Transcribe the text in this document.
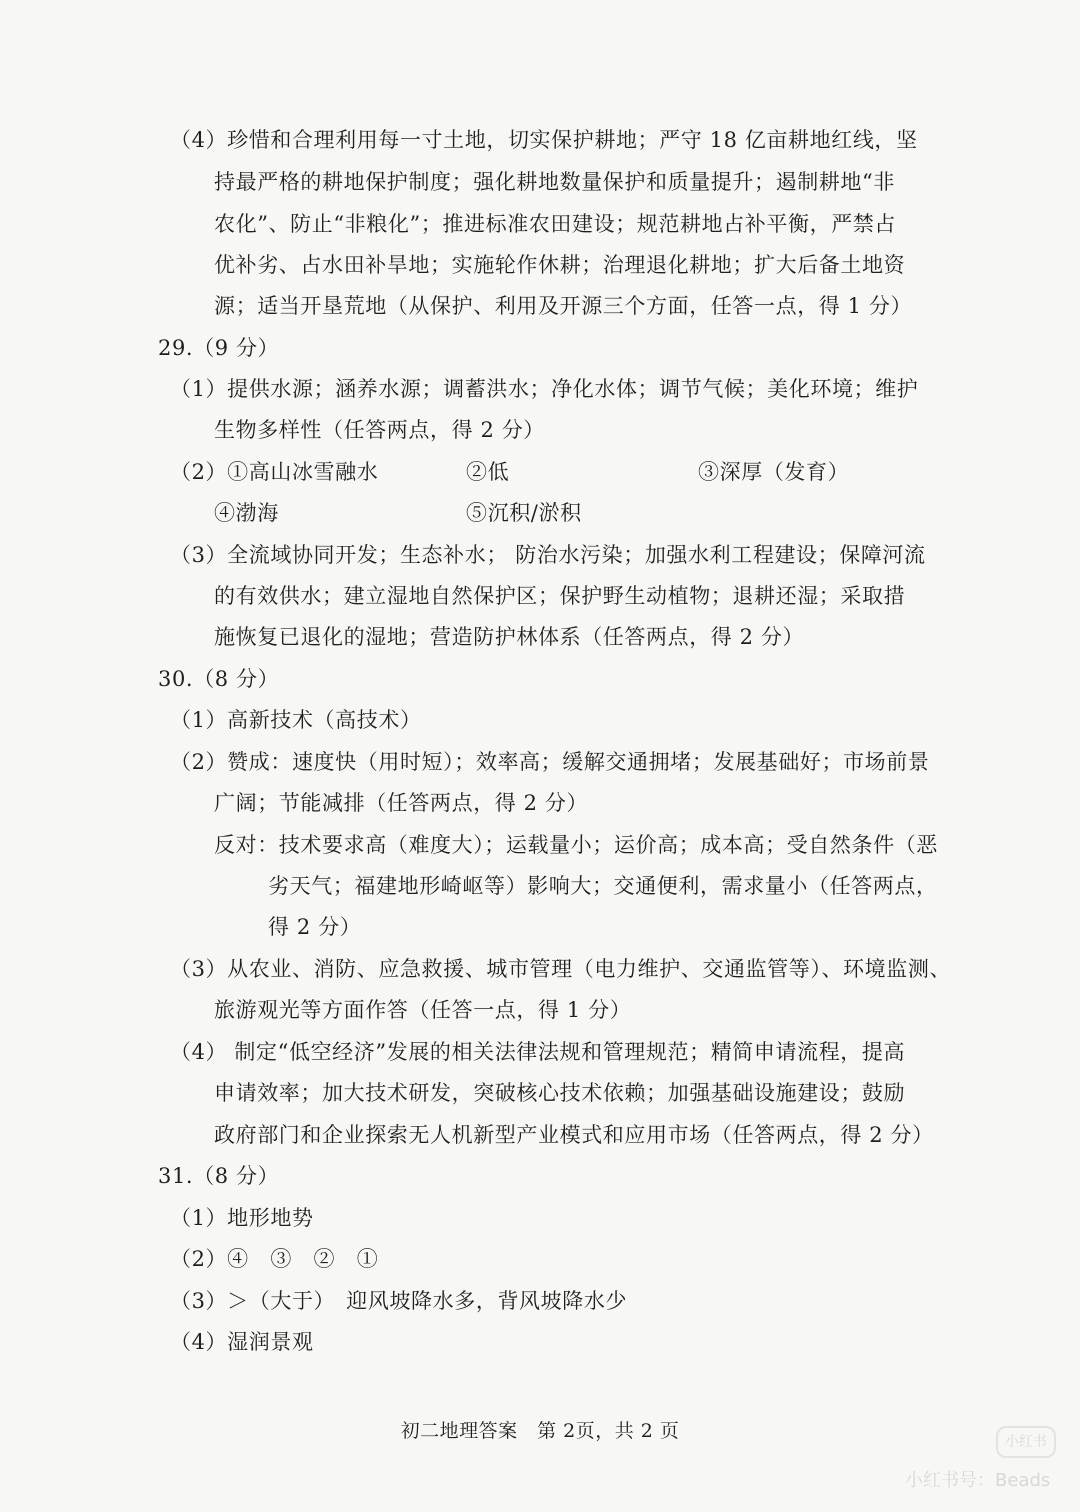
（4）珍惜和合理利用每一寸土地，切实保护耕地；严守 18 亿亩耕地红线，坚
持最严格的耕地保护制度；强化耕地数量保护和质量提升；遏制耕地“非
农化”、防止“非粮化”；推进标准农田建设；规范耕地占补平衡，严禁占
优补劣、占水田补旱地；实施轮作休耕；治理退化耕地；扩大后备土地资
源；适当开垦荒地（从保护、利用及开源三个方面，任答一点，得 1 分）
29.（9 分）
（1）提供水源；涵养水源；调蓄洪水；净化水体；调节气候；美化环境；维护
生物多样性（任答两点，得 2 分）
（2）①高山冰雪融水	②低	③深厚（发育）
④渤海	⑤沉积/淤积
（3）全流域协同开发；生态补水； 防治水污染；加强水利工程建设；保障河流
的有效供水；建立湿地自然保护区；保护野生动植物；退耕还湿；采取措
施恢复已退化的湿地；营造防护林体系（任答两点，得 2 分）
30.（8 分）
（1）高新技术（高技术）
（2）赞成：速度快（用时短）；效率高；缓解交通拥堵；发展基础好；市场前景
广阔；节能减排（任答两点，得 2 分）
反对：技术要求高（难度大）；运载量小；运价高；成本高；受自然条件（恶
劣天气；福建地形崎岖等）影响大；交通便利，需求量小（任答两点，
得 2 分）
（3）从农业、消防、应急救援、城市管理（电力维护、交通监管等）、环境监测、
旅游观光等方面作答（任答一点，得 1 分）
（4） 制定“低空经济”发展的相关法律法规和管理规范；精简申请流程，提高
申请效率；加大技术研发，突破核心技术依赖；加强基础设施建设；鼓励
政府部门和企业探索无人机新型产业模式和应用市场（任答两点，得 2 分）
31.（8 分）
（1）地形地势
（2）④　③　②　①
（3）＞（大于）　迎风坡降水多，背风坡降水少
（4）湿润景观
初二地理答案　第 2页，共 2 页	小红书
小红书号：Beads
